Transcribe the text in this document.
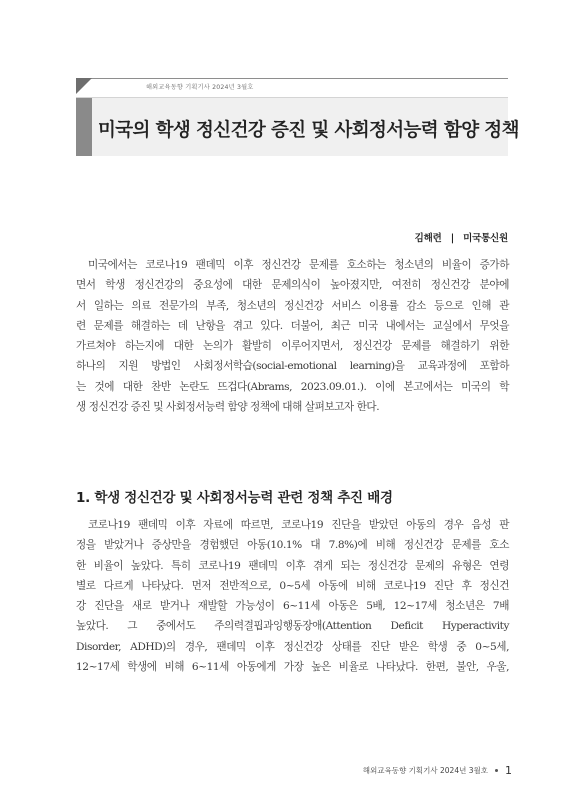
해외교육동향 기획기사 2024년 3월호
미국의 학생 정신건강 증진 및 사회정서능력 함양 정책
김해련 | 미국통신원
미국에서는 코로나19 팬데믹 이후 정신건강 문제를 호소하는 청소년의 비율이 증가하
면서 학생 정신건강의 중요성에 대한 문제의식이 높아졌지만, 여전히 정신건강 분야에
서 일하는 의료 전문가의 부족, 청소년의 정신건강 서비스 이용률 감소 등으로 인해 관
련 문제를 해결하는 데 난항을 겪고 있다. 더불어, 최근 미국 내에서는 교실에서 무엇을
가르쳐야 하는지에 대한 논의가 활발히 이루어지면서, 정신건강 문제를 해결하기 위한
하나의 지원 방법인 사회정서학습(social-emotional learning)을 교육과정에 포함하
는 것에 대한 찬반 논란도 뜨겁다(Abrams, 2023.09.01.). 이에 본고에서는 미국의 학
생 정신건강 증진 및 사회정서능력 함양 정책에 대해 살펴보고자 한다.
1. 학생 정신건강 및 사회정서능력 관련 정책 추진 배경
코로나19 팬데믹 이후 자료에 따르면, 코로나19 진단을 받았던 아동의 경우 음성 판
정을 받았거나 증상만을 경험했던 아동(10.1% 대 7.8%)에 비해 정신건강 문제를 호소
한 비율이 높았다. 특히 코로나19 팬데믹 이후 겪게 되는 정신건강 문제의 유형은 연령
별로 다르게 나타났다. 먼저 전반적으로, 0~5세 아동에 비해 코로나19 진단 후 정신건
강 진단을 새로 받거나 재발할 가능성이 6~11세 아동은 5배, 12~17세 청소년은 7배
높았다. 그 중에서도 주의력결핍과잉행동장애(Attention Deficit Hyperactivity
Disorder, ADHD)의 경우, 팬데믹 이후 정신건강 상태를 진단 받은 학생 중 0~5세,
12~17세 학생에 비해 6~11세 아동에게 가장 높은 비율로 나타났다. 한편, 불안, 우울,
해외교육동향 기획기사 2024년 3월호 1
